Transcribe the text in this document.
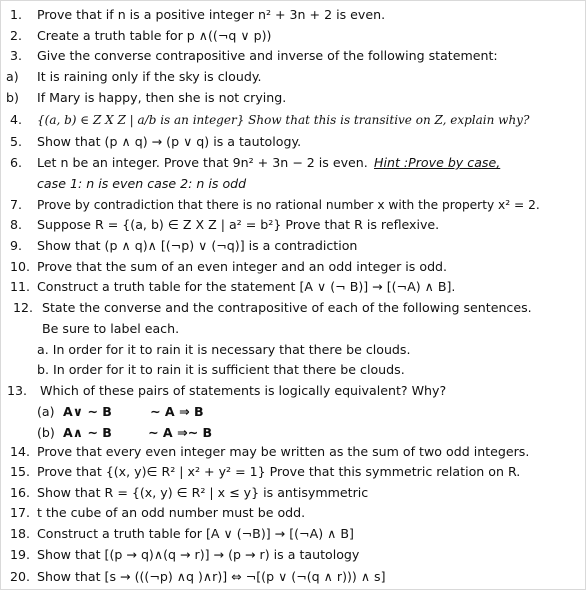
1. Prove that if n is a positive integer n² + 3n + 2 is even.
2. Create a truth table for p ∧((¬q ∨ p))
3. Give the converse contrapositive and inverse of the following statement:
a) It is raining only if the sky is cloudy.
b) If Mary is happy, then she is not crying.
4. {(a, b) ∈ Z X Z | a/b is an integer} Show that this is transitive on Z, explain why?
5. Show that (p ∧ q) → (p ∨ q) is a tautology.
6. Let n be an integer. Prove that 9n² + 3n − 2 is even. Hint :Prove by case,
case 1: n is even case 2: n is odd
7. Prove by contradiction that there is no rational number x with the property x² = 2.
8. Suppose R = {(a, b) ∈ Z X Z | a² = b²} Prove that R is reflexive.
9. Show that (p ∧ q)∧ [(¬p) ∨ (¬q)] is a contradiction
10. Prove that the sum of an even integer and an odd integer is odd.
11. Construct a truth table for the statement [A ∨ (¬ B)] → [(¬A) ∧ B].
12. State the converse and the contrapositive of each of the following sentences.
Be sure to label each.
a. In order for it to rain it is necessary that there be clouds.
b. In order for it to rain it is sufficient that there be clouds.
13. Which of these pairs of statements is logically equivalent? Why?
(a) A∨ ∼ B	∼ A ⇒ B
(b) A∧ ∼ B	∼ A ⇒∼ B
14. Prove that every even integer may be written as the sum of two odd integers.
15. Prove that {(x, y)∈ R² | x² + y² = 1} Prove that this symmetric relation on R.
16. Show that R = {(x, y) ∈ R² | x ≤ y} is antisymmetric
17. t the cube of an odd number must be odd.
18. Construct a truth table for [A ∨ (¬B)] → [(¬A) ∧ B]
19. Show that [(p → q)∧(q → r)] → (p → r) is a tautology
20. Show that [s → (((¬p) ∧q )∧r)] ⇔ ¬[(p ∨ (¬(q ∧ r))) ∧ s]
